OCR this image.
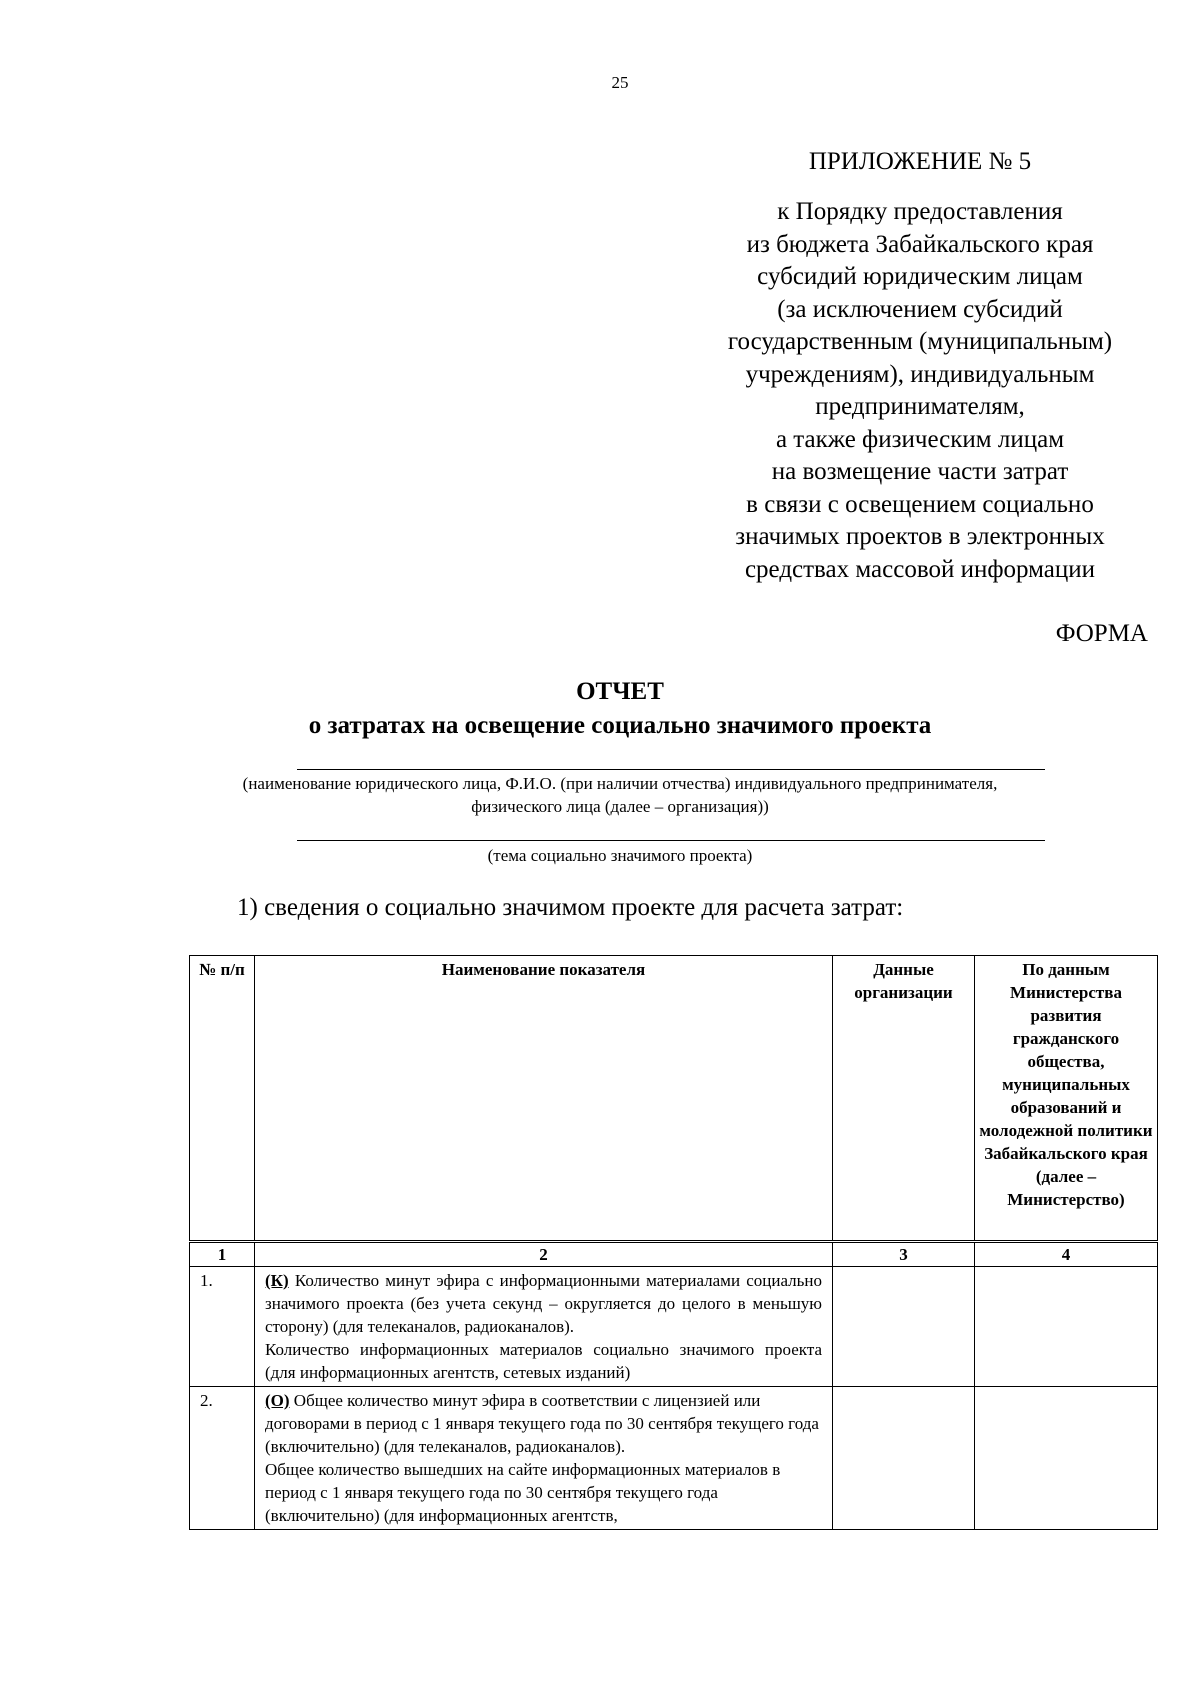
25
ПРИЛОЖЕНИЕ № 5
к Порядку предоставления
из бюджета Забайкальского края
субсидий юридическим лицам
(за исключением субсидий
государственным (муниципальным)
учреждениям), индивидуальным
предпринимателям,
а также физическим лицам
на возмещение части затрат
в связи с освещением социально
значимых проектов в электронных
средствах массовой информации
ФОРМА
ОТЧЕТ
о затратах на освещение социально значимого проекта
(наименование юридического лица, Ф.И.О. (при наличии отчества) индивидуального предпринимателя,
физического лица (далее – организация))
(тема социально значимого проекта)
1) сведения о социально значимом проекте для расчета затрат:
№ п/п	Наименование показателя	Данные организации	По данным Министерства развития гражданского общества, муниципальных образований и молодежной политики Забайкальского края (далее – Министерство)

1	2	3	4
1.	(К) Количество минут эфира с информационными материалами социально значимого проекта (без учета секунд – округляется до целого в меньшую сторону) (для телеканалов, радиоканалов).

Количество информационных материалов социально значимого проекта (для информационных агентств, сетевых изданий)		

2.	(О) Общее количество минут эфира в соответствии с лицензией или договорами в период с 1 января текущего года по 30 сентября текущего года (включительно) (для телеканалов, радиоканалов).

Общее количество вышедших на сайте информационных материалов в период с 1 января текущего года по 30 сентября текущего года (включительно) (для информационных агентств,		
